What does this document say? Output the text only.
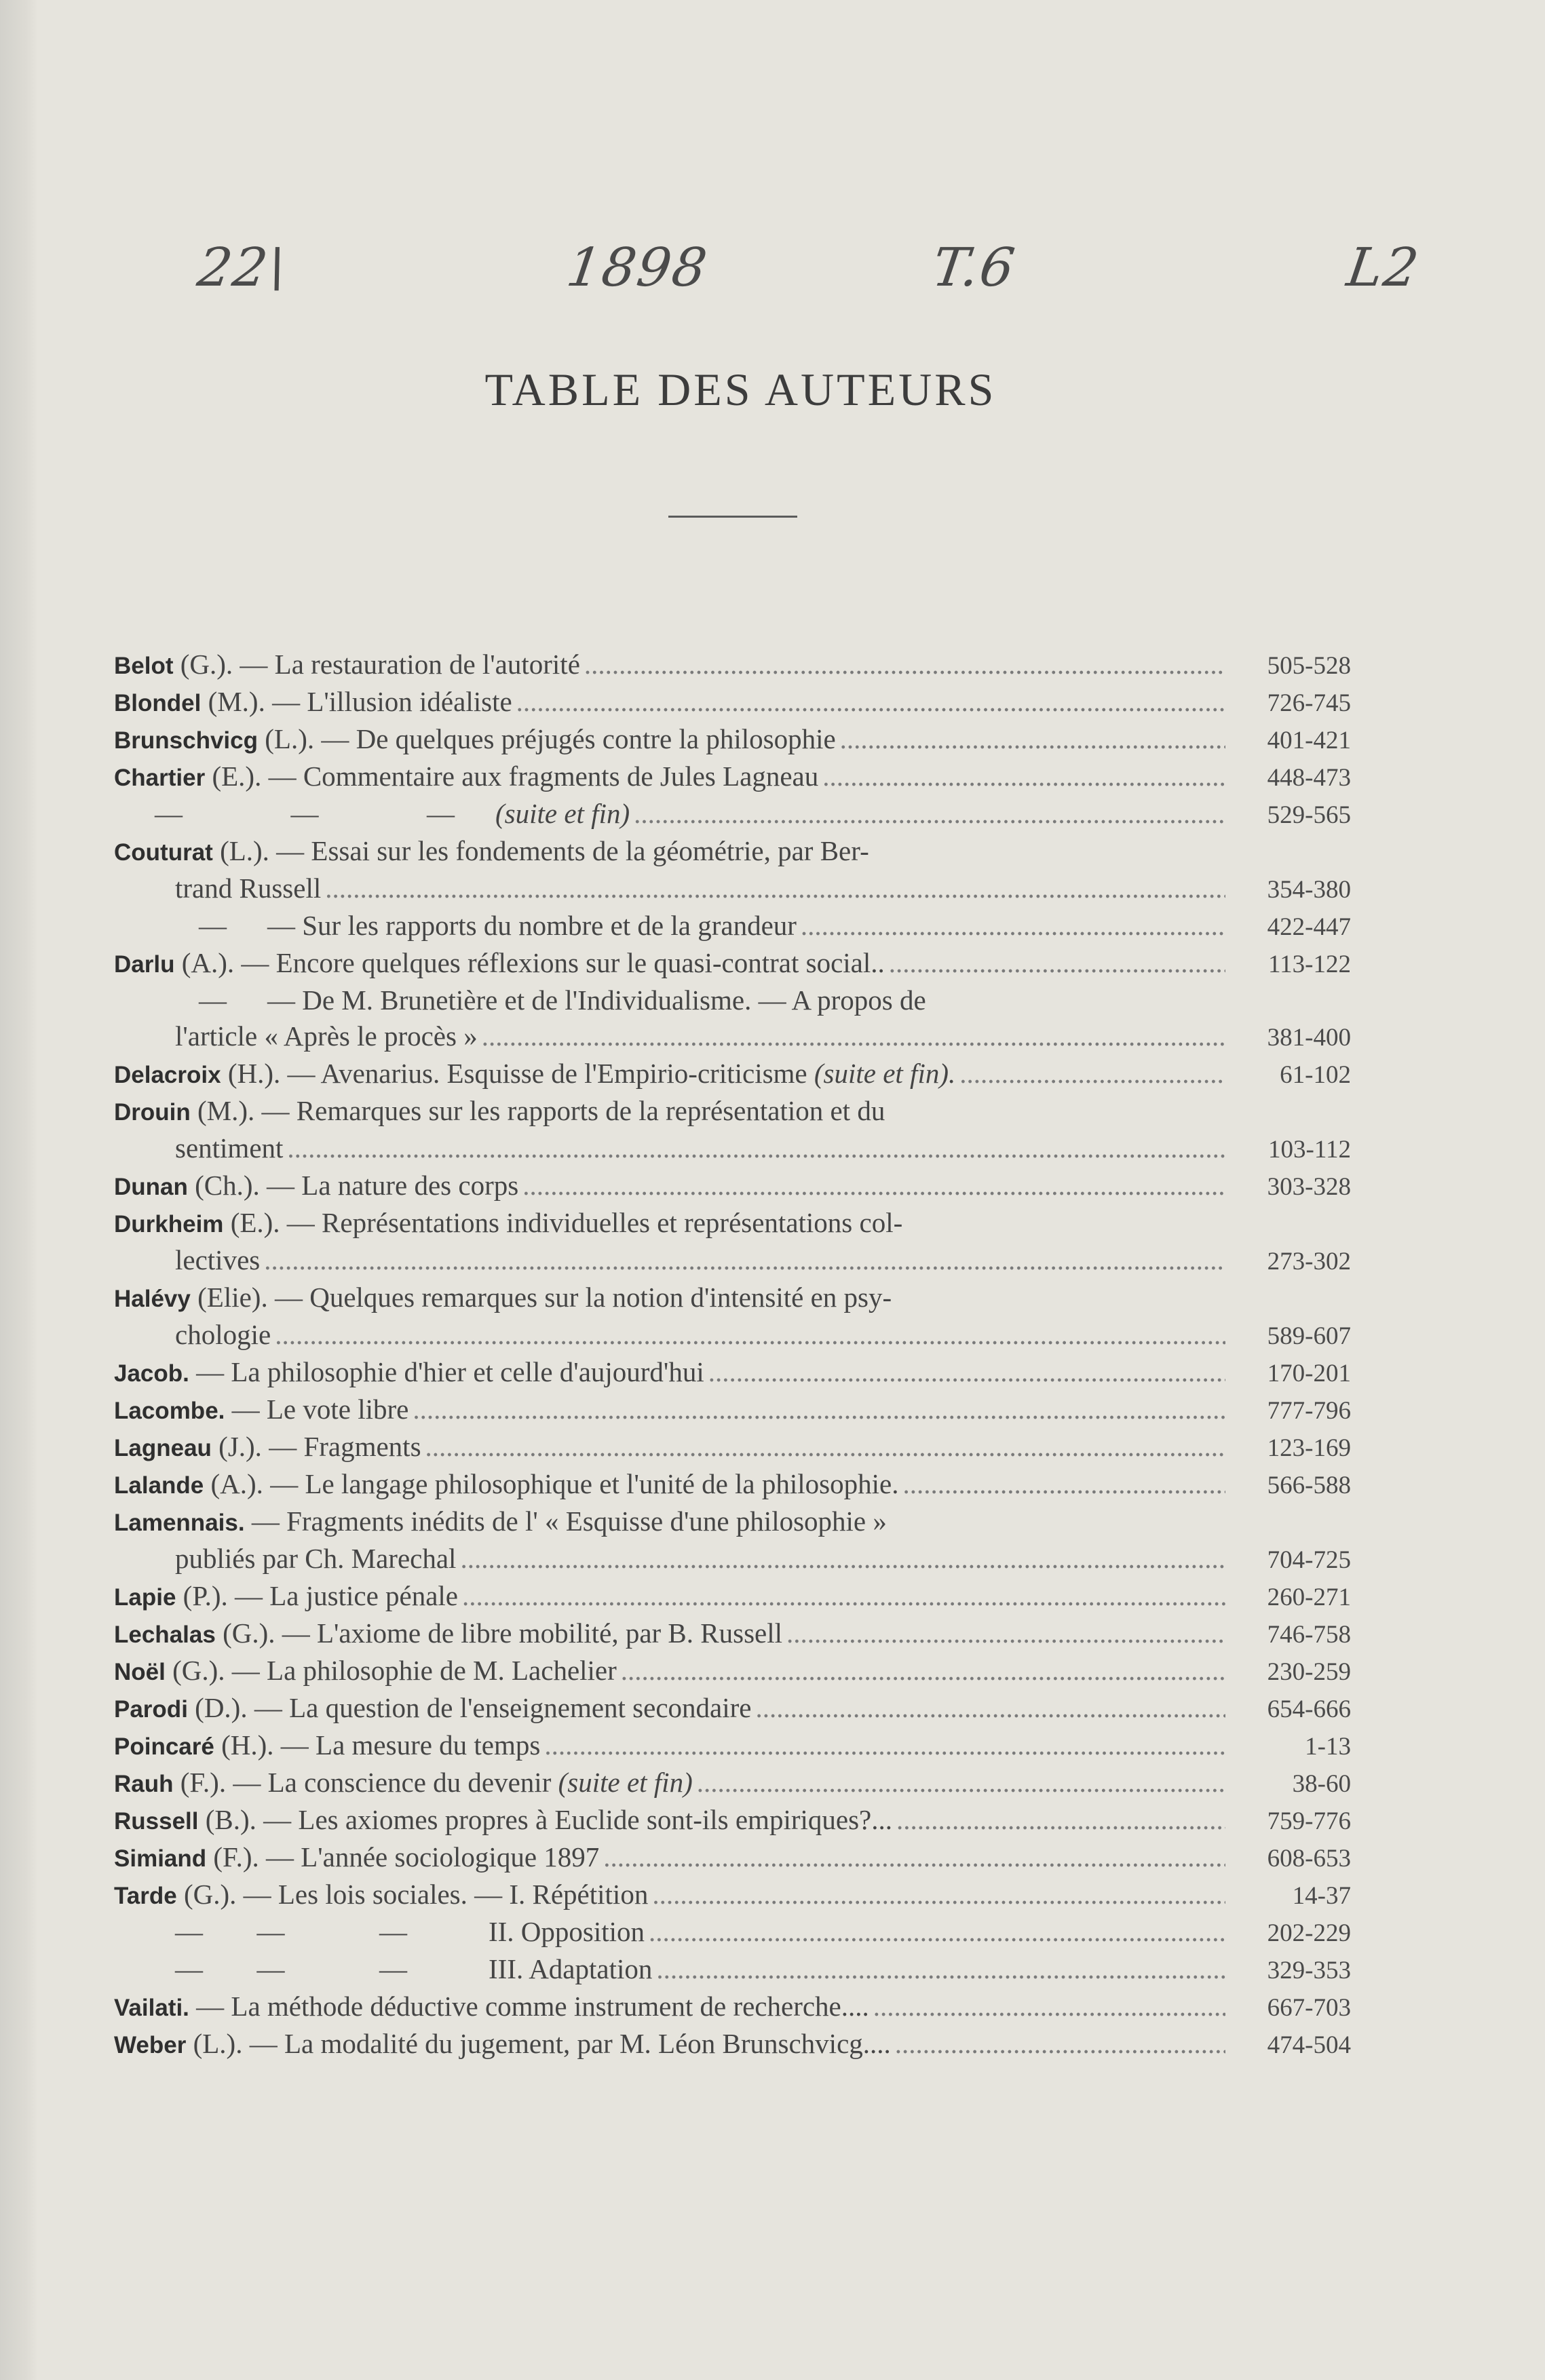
22\	1898	T.6	L2
TABLE DES AUTEURS
Belot (G.). — La restauration de l'autorité .....	505-528
Blondel (M.). — L'illusion idéaliste .....	726-745
Brunschvicg (L.). — De quelques préjugés contre la philosophie .....	401-421
Chartier (E.). — Commentaire aux fragments de Jules Lagneau .....	448-473
—	—	— (suite et fin) .....	529-565
Couturat (L.). — Essai sur les fondements de la géométrie, par Ber-
trand Russell .....	354-380
— — Sur les rapports du nombre et de la grandeur .....	422-447
Darlu (A.). — Encore quelques réflexions sur le quasi-contrat social.. .....	113-122
— — De M. Brunetière et de l'Individualisme. — A propos de
l'article « Après le procès » .....	381-400
Delacroix (H.). — Avenarius. Esquisse de l'Empirio-criticisme (suite et fin). .....	61-102
Drouin (M.). — Remarques sur les rapports de la représentation et du
sentiment .....	103-112
Dunan (Ch.). — La nature des corps .....	303-328
Durkheim (E.). — Représentations individuelles et représentations col-
lectives .....	273-302
Halévy (Elie). — Quelques remarques sur la notion d'intensité en psy-
chologie .....	589-607
Jacob. — La philosophie d'hier et celle d'aujourd'hui .....	170-201
Lacombe. — Le vote libre .....	777-796
Lagneau (J.). — Fragments .....	123-169
Lalande (A.). — Le langage philosophique et l'unité de la philosophie. .....	566-588
Lamennais. — Fragments inédits de l' « Esquisse d'une philosophie »
publiés par Ch. Marechal .....	704-725
Lapie (P.). — La justice pénale .....	260-271
Lechalas (G.). — L'axiome de libre mobilité, par B. Russell .....	746-758
Noël (G.). — La philosophie de M. Lachelier .....	230-259
Parodi (D.). — La question de l'enseignement secondaire .....	654-666
Poincaré (H.). — La mesure du temps .....	1-13
Rauh (F.). — La conscience du devenir (suite et fin) .....	38-60
Russell (B.). — Les axiomes propres à Euclide sont-ils empiriques?... .....	759-776
Simiand (F.). — L'année sociologique 1897 .....	608-653
Tarde (G.). — Les lois sociales. — I. Répétition .....	14-37
— —	—	II. Opposition .....	202-229
— —	—	III. Adaptation .....	329-353
Vailati. — La méthode déductive comme instrument de recherche.... .....	667-703
Weber (L.). — La modalité du jugement, par M. Léon Brunschvicg.... .....	474-504
